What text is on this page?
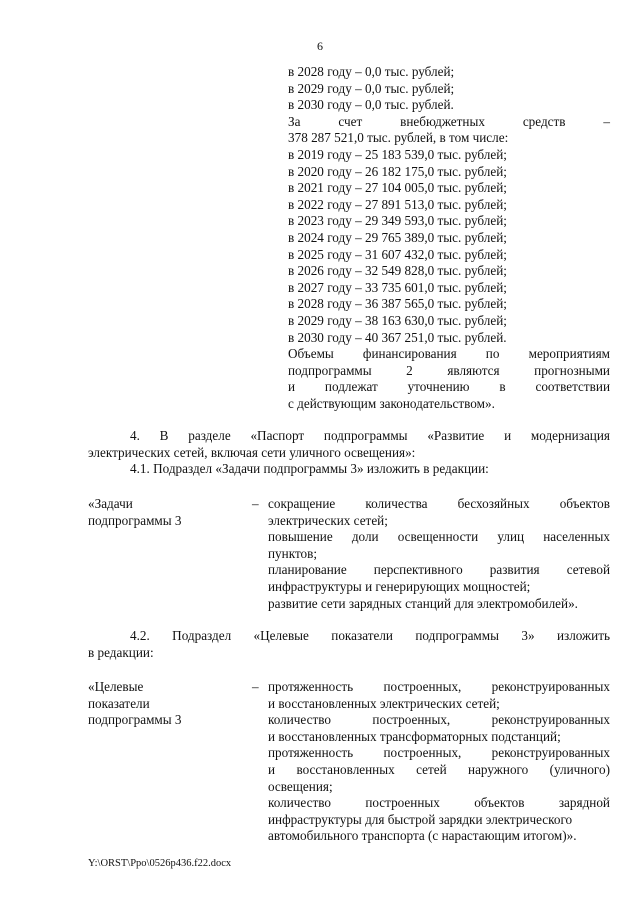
6
в 2028 году – 0,0 тыс. рублей;
в 2029 году – 0,0 тыс. рублей;
в 2030 году – 0,0 тыс. рублей.
За счет внебюджетных средств –
378 287 521,0 тыс. рублей, в том числе:
в 2019 году – 25 183 539,0 тыс. рублей;
в 2020 году – 26 182 175,0 тыс. рублей;
в 2021 году – 27 104 005,0 тыс. рублей;
в 2022 году – 27 891 513,0 тыс. рублей;
в 2023 году – 29 349 593,0 тыс. рублей;
в 2024 году – 29 765 389,0 тыс. рублей;
в 2025 году – 31 607 432,0 тыс. рублей;
в 2026 году – 32 549 828,0 тыс. рублей;
в 2027 году – 33 735 601,0 тыс. рублей;
в 2028 году – 36 387 565,0 тыс. рублей;
в 2029 году – 38 163 630,0 тыс. рублей;
в 2030 году – 40 367 251,0 тыс. рублей.
Объемы финансирования по мероприятиям
подпрограммы 2 являются прогнозными
и подлежат уточнению в соответствии
с действующим законодательством».
4. В разделе «Паспорт подпрограммы «Развитие и модернизация
электрических сетей, включая сети уличного освещения»:
4.1. Подраздел «Задачи подпрограммы 3» изложить в редакции:
«Задачи
подпрограммы 3
– сокращение количества бесхозяйных объектов
электрических сетей;
повышение доли освещенности улиц населенных
пунктов;
планирование перспективного развития сетевой
инфраструктуры и генерирующих мощностей;
развитие сети зарядных станций для электромобилей».
4.2. Подраздел «Целевые показатели подпрограммы 3» изложить
в редакции:
«Целевые
показатели
подпрограммы 3
– протяженность построенных, реконструированных
и восстановленных электрических сетей;
количество построенных, реконструированных
и восстановленных трансформаторных подстанций;
протяженность построенных, реконструированных
и восстановленных сетей наружного (уличного)
освещения;
количество построенных объектов зарядной
инфраструктуры для быстрой зарядки электрического
автомобильного транспорта (с нарастающим итогом)».
Y:\ORST\Ppo\0526p436.f22.docx
